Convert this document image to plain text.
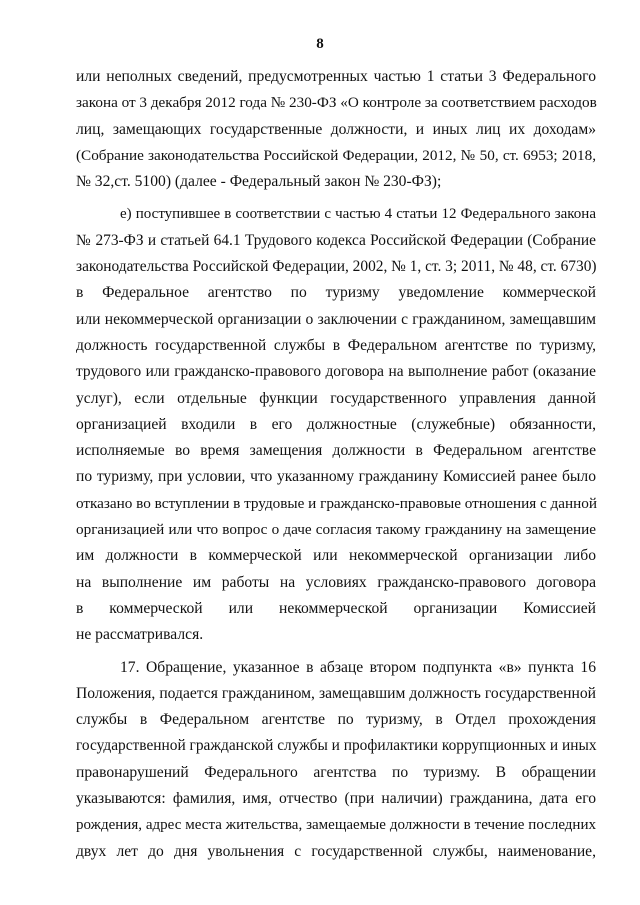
8
или неполных сведений, предусмотренных частью 1 статьи 3 Федерального
закона от 3 декабря 2012 года № 230-ФЗ «О контроле за соответствием расходов
лиц, замещающих государственные должности, и иных лиц их доходам»
(Собрание законодательства Российской Федерации, 2012, № 50, ст. 6953; 2018,
№ 32,ст. 5100) (далее - Федеральный закон № 230-ФЗ);
е) поступившее в соответствии с частью 4 статьи 12 Федерального закона
№ 273-ФЗ и статьей 64.1 Трудового кодекса Российской Федерации (Собрание
законодательства Российской Федерации, 2002, № 1, ст. 3; 2011, № 48, ст. 6730)
в Федеральное агентство по туризму уведомление коммерческой
или некоммерческой организации о заключении с гражданином, замещавшим
должность государственной службы в Федеральном агентстве по туризму,
трудового или гражданско-правового договора на выполнение работ (оказание
услуг), если отдельные функции государственного управления данной
организацией входили в его должностные (служебные) обязанности,
исполняемые во время замещения должности в Федеральном агентстве
по туризму, при условии, что указанному гражданину Комиссией ранее было
отказано во вступлении в трудовые и гражданско-правовые отношения с данной
организацией или что вопрос о даче согласия такому гражданину на замещение
им должности в коммерческой или некоммерческой организации либо
на выполнение им работы на условиях гражданско-правового договора
в коммерческой или некоммерческой организации Комиссией
не рассматривался.
17. Обращение, указанное в абзаце втором подпункта «в» пункта 16
Положения, подается гражданином, замещавшим должность государственной
службы в Федеральном агентстве по туризму, в Отдел прохождения
государственной гражданской службы и профилактики коррупционных и иных
правонарушений Федерального агентства по туризму. В обращении
указываются: фамилия, имя, отчество (при наличии) гражданина, дата его
рождения, адрес места жительства, замещаемые должности в течение последних
двух лет до дня увольнения с государственной службы, наименование,
